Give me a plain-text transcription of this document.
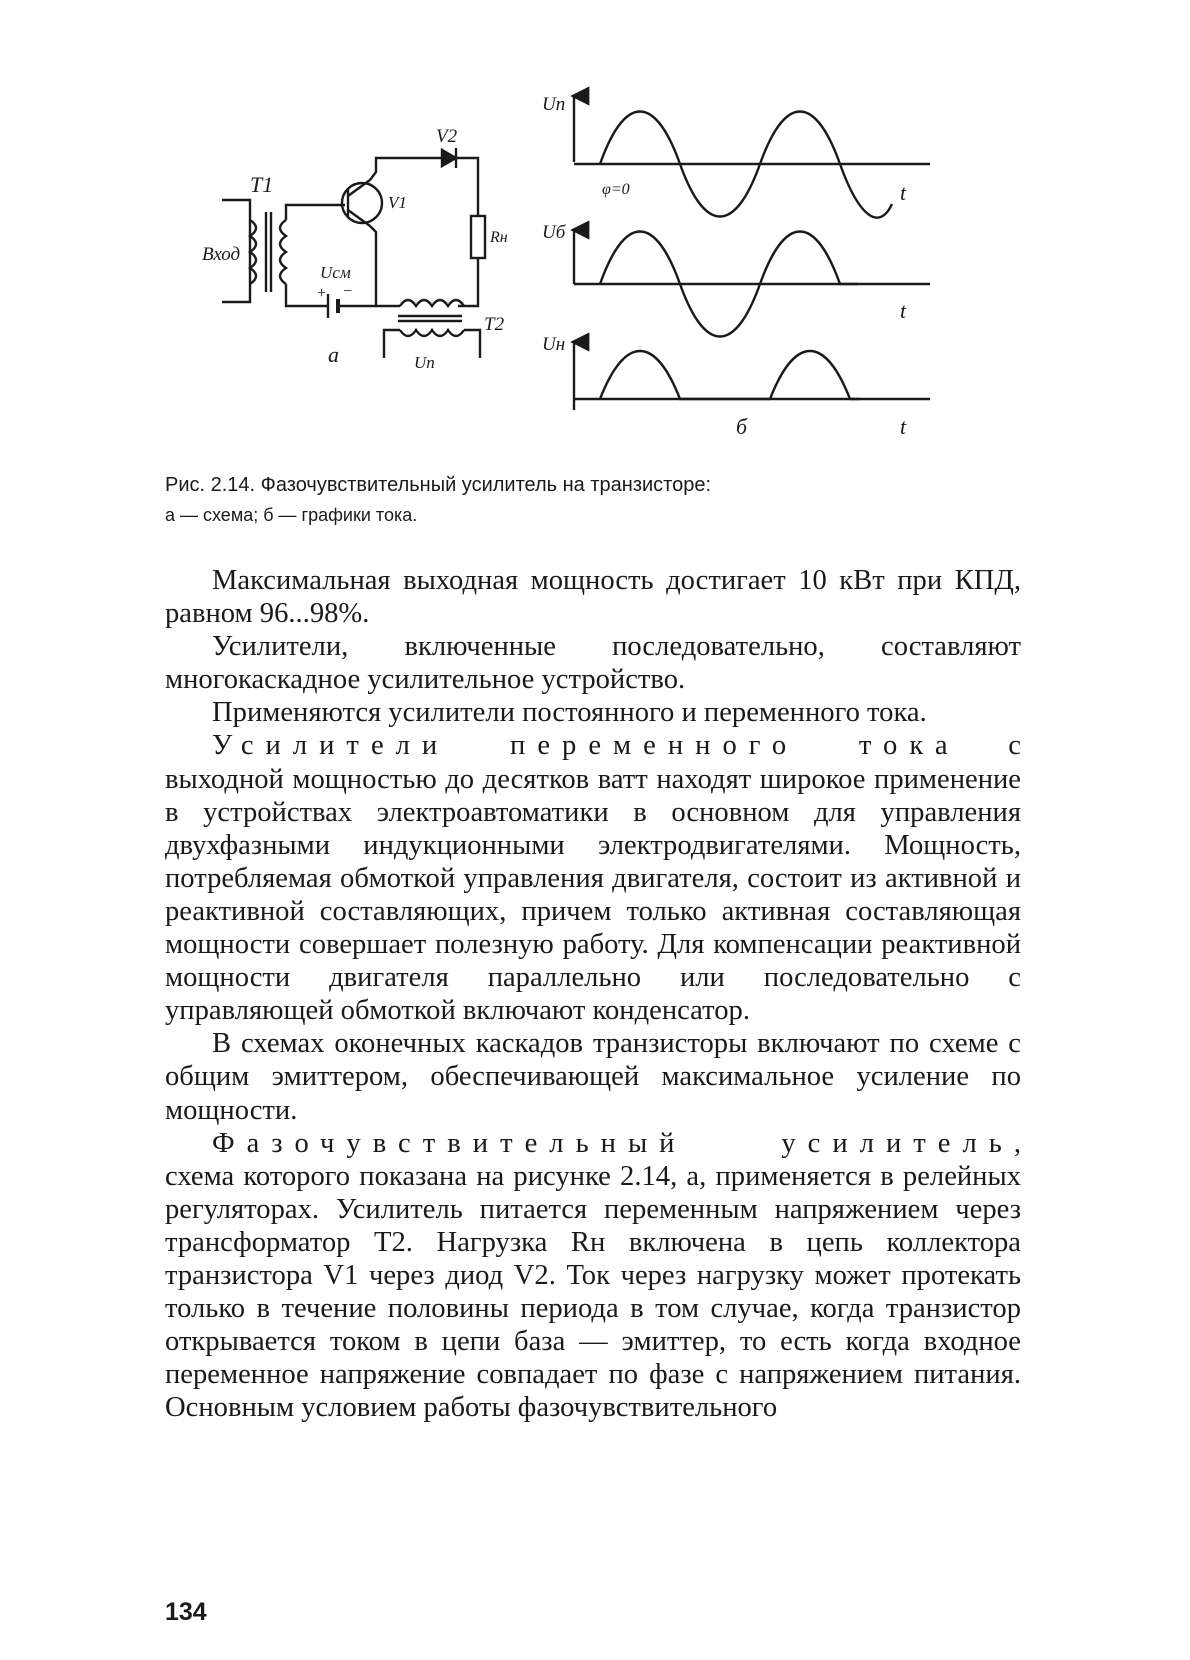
T1
Вход
V1
V2
Rн
Uсм
+ −
T2
Uп
а
Uп
φ=0	t
Uб
t
Uн
б	t
Рис. 2.14. Фазочувствительный усилитель на транзисторе:
а — схема; б — графики тока.

Максимальная выходная мощность достигает 10 кВт при КПД, равном 96...98%.

Усилители, включенные последовательно, составляют многокаскадное усилительное устройство.

Применяются усилители постоянного и переменного тока.

Усилители переменного тока с выходной мощностью до десятков ватт находят широкое применение в устройствах электроавтоматики в основном для управления двухфазными индукционными электродвигателями. Мощность, потребляемая обмоткой управления двигателя, состоит из активной и реактивной составляющих, причем только активная составляющая мощности совершает полезную работу. Для компенсации реактивной мощности двигателя параллельно или последовательно с управляющей обмоткой включают конденсатор.

В схемах оконечных каскадов транзисторы включают по схеме с общим эмиттером, обеспечивающей максимальное усиление по мощности.

Фазочувствительный усилитель, схема которого показана на рисунке 2.14, а, применяется в релейных регуляторах. Усилитель питается переменным напряжением через трансформатор Т2. Нагрузка Rн включена в цепь коллектора транзистора V1 через диод V2. Ток через нагрузку может протекать только в течение половины периода в том случае, когда транзистор открывается током в цепи база — эмиттер, то есть когда входное переменное напряжение совпадает по фазе с напряжением питания. Основным условием работы фазочувствительного

134
